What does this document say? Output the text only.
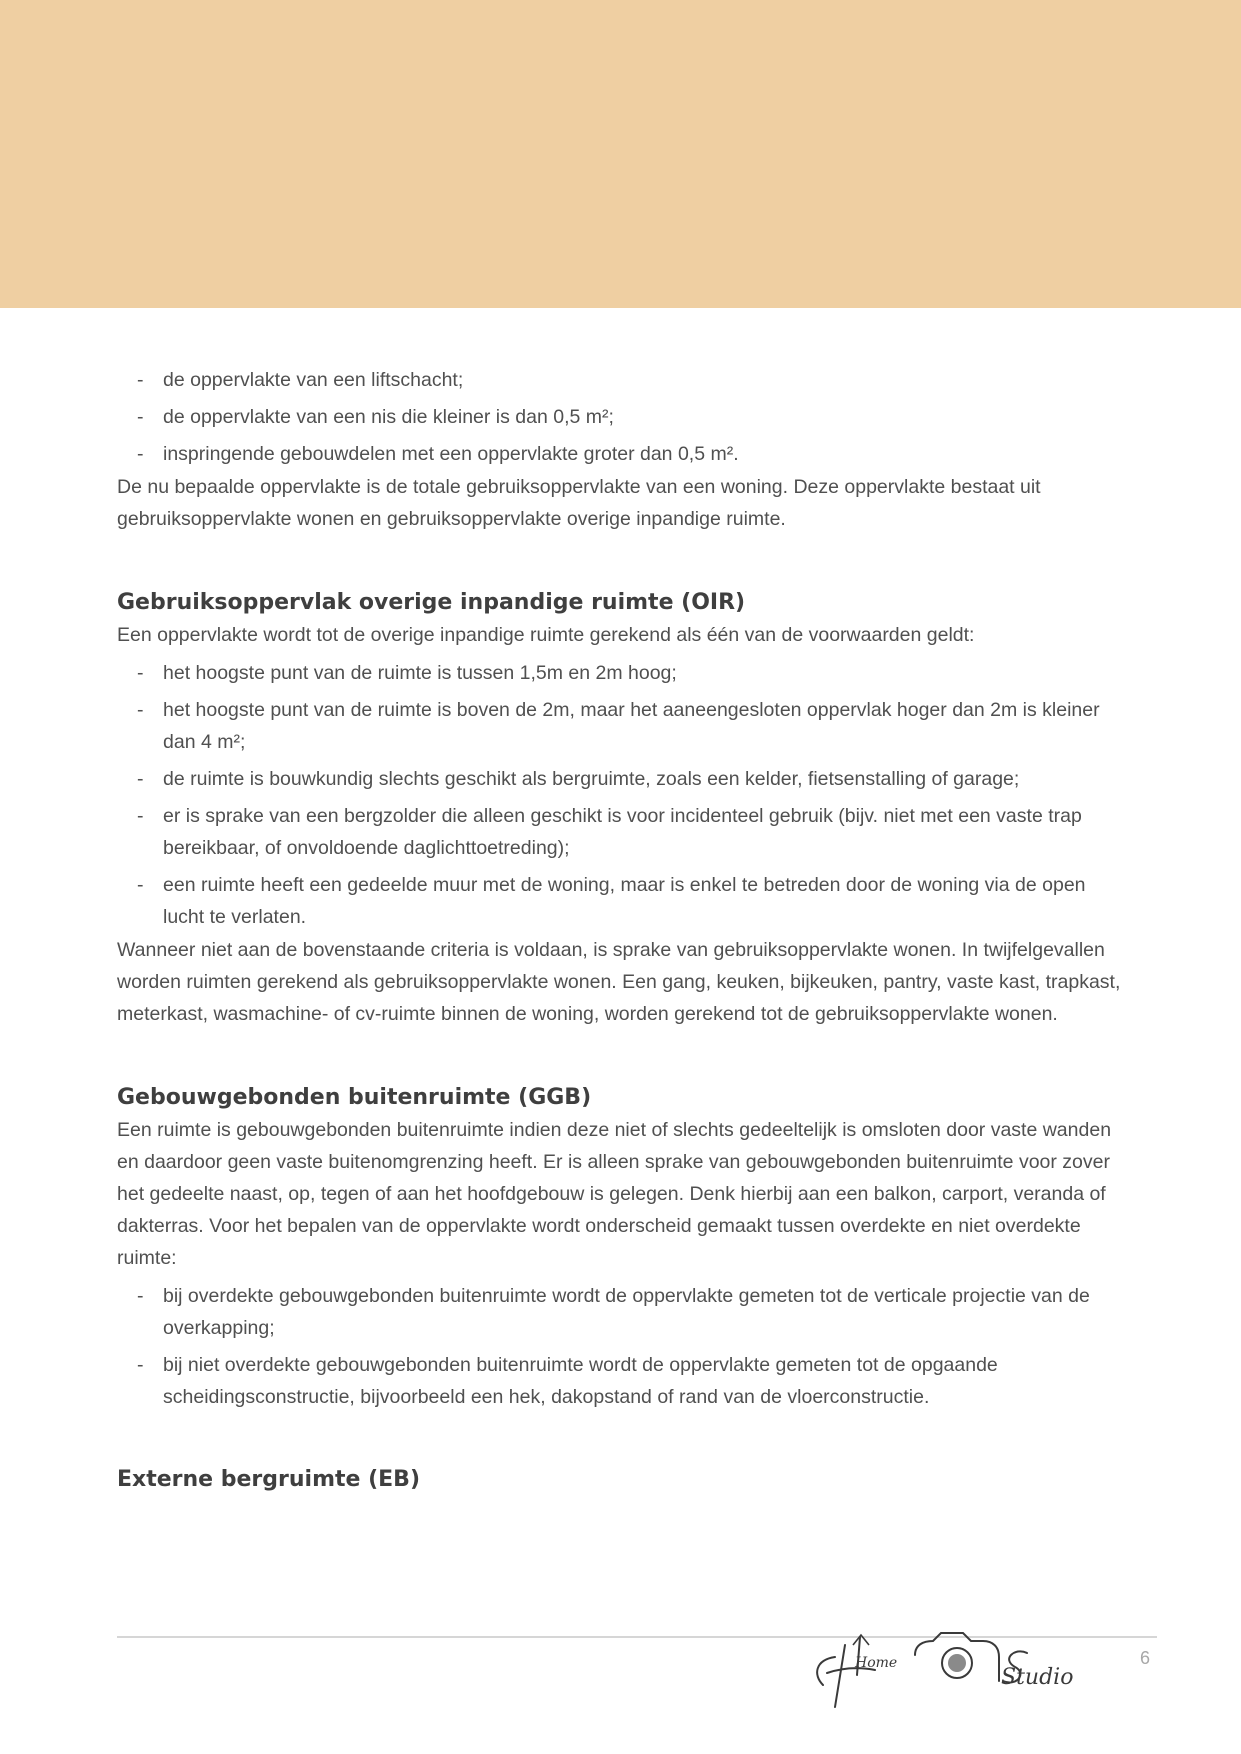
- de oppervlakte van een liftschacht;
- de oppervlakte van een nis die kleiner is dan 0,5 m²;
- inspringende gebouwdelen met een oppervlakte groter dan 0,5 m².

De nu bepaalde oppervlakte is de totale gebruiksoppervlakte van een woning. Deze oppervlakte bestaat uit gebruiksoppervlakte wonen en gebruiksoppervlakte overige inpandige ruimte.

Gebruiksoppervlak overige inpandige ruimte (OIR)

Een oppervlakte wordt tot de overige inpandige ruimte gerekend als één van de voorwaarden geldt:

- het hoogste punt van de ruimte is tussen 1,5m en 2m hoog;
- het hoogste punt van de ruimte is boven de 2m, maar het aaneengesloten oppervlak hoger dan 2m is kleiner dan 4 m²;
- de ruimte is bouwkundig slechts geschikt als bergruimte, zoals een kelder, fietsenstalling of garage;
- er is sprake van een bergzolder die alleen geschikt is voor incidenteel gebruik (bijv. niet met een vaste trap bereikbaar, of onvoldoende daglichttoetreding);
- een ruimte heeft een gedeelde muur met de woning, maar is enkel te betreden door de woning via de open lucht te verlaten.

Wanneer niet aan de bovenstaande criteria is voldaan, is sprake van gebruiksoppervlakte wonen. In twijfelgevallen worden ruimten gerekend als gebruiksoppervlakte wonen. Een gang, keuken, bijkeuken, pantry, vaste kast, trapkast, meterkast, wasmachine- of cv-ruimte binnen de woning, worden gerekend tot de gebruiksoppervlakte wonen.

Gebouwgebonden buitenruimte (GGB)

Een ruimte is gebouwgebonden buitenruimte indien deze niet of slechts gedeeltelijk is omsloten door vaste wanden en daardoor geen vaste buitenomgrenzing heeft. Er is alleen sprake van gebouwgebonden buitenruimte voor zover het gedeelte naast, op, tegen of aan het hoofdgebouw is gelegen. Denk hierbij aan een balkon, carport, veranda of dakterras. Voor het bepalen van de oppervlakte wordt onderscheid gemaakt tussen overdekte en niet overdekte ruimte:

- bij overdekte gebouwgebonden buitenruimte wordt de oppervlakte gemeten tot de verticale projectie van de overkapping;
- bij niet overdekte gebouwgebonden buitenruimte wordt de oppervlakte gemeten tot de opgaande scheidingsconstructie, bijvoorbeeld een hek, dakopstand of rand van de vloerconstructie.
Externe bergruimte (EB)
Home
Studio
6
